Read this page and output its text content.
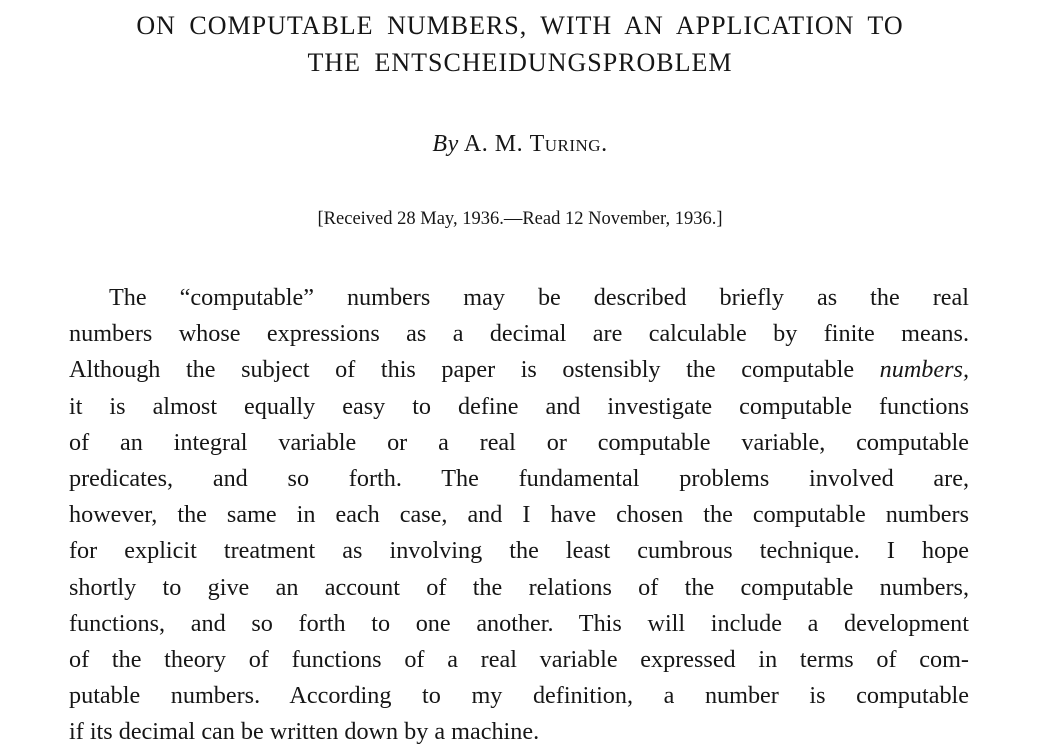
ON COMPUTABLE NUMBERS, WITH AN APPLICATION TO
THE ENTSCHEIDUNGSPROBLEM
By A. M. Turing.
[Received 28 May, 1936.—Read 12 November, 1936.]
The “computable” numbers may be described briefly as the real
numbers whose expressions as a decimal are calculable by finite means.
Although the subject of this paper is ostensibly the computable numbers,
it is almost equally easy to define and investigate computable functions
of an integral variable or a real or computable variable, computable
predicates, and so forth. The fundamental problems involved are,
however, the same in each case, and I have chosen the computable numbers
for explicit treatment as involving the least cumbrous technique. I hope
shortly to give an account of the relations of the computable numbers,
functions, and so forth to one another. This will include a development
of the theory of functions of a real variable expressed in terms of com-
putable numbers. According to my definition, a number is computable
if its decimal can be written down by a machine.
